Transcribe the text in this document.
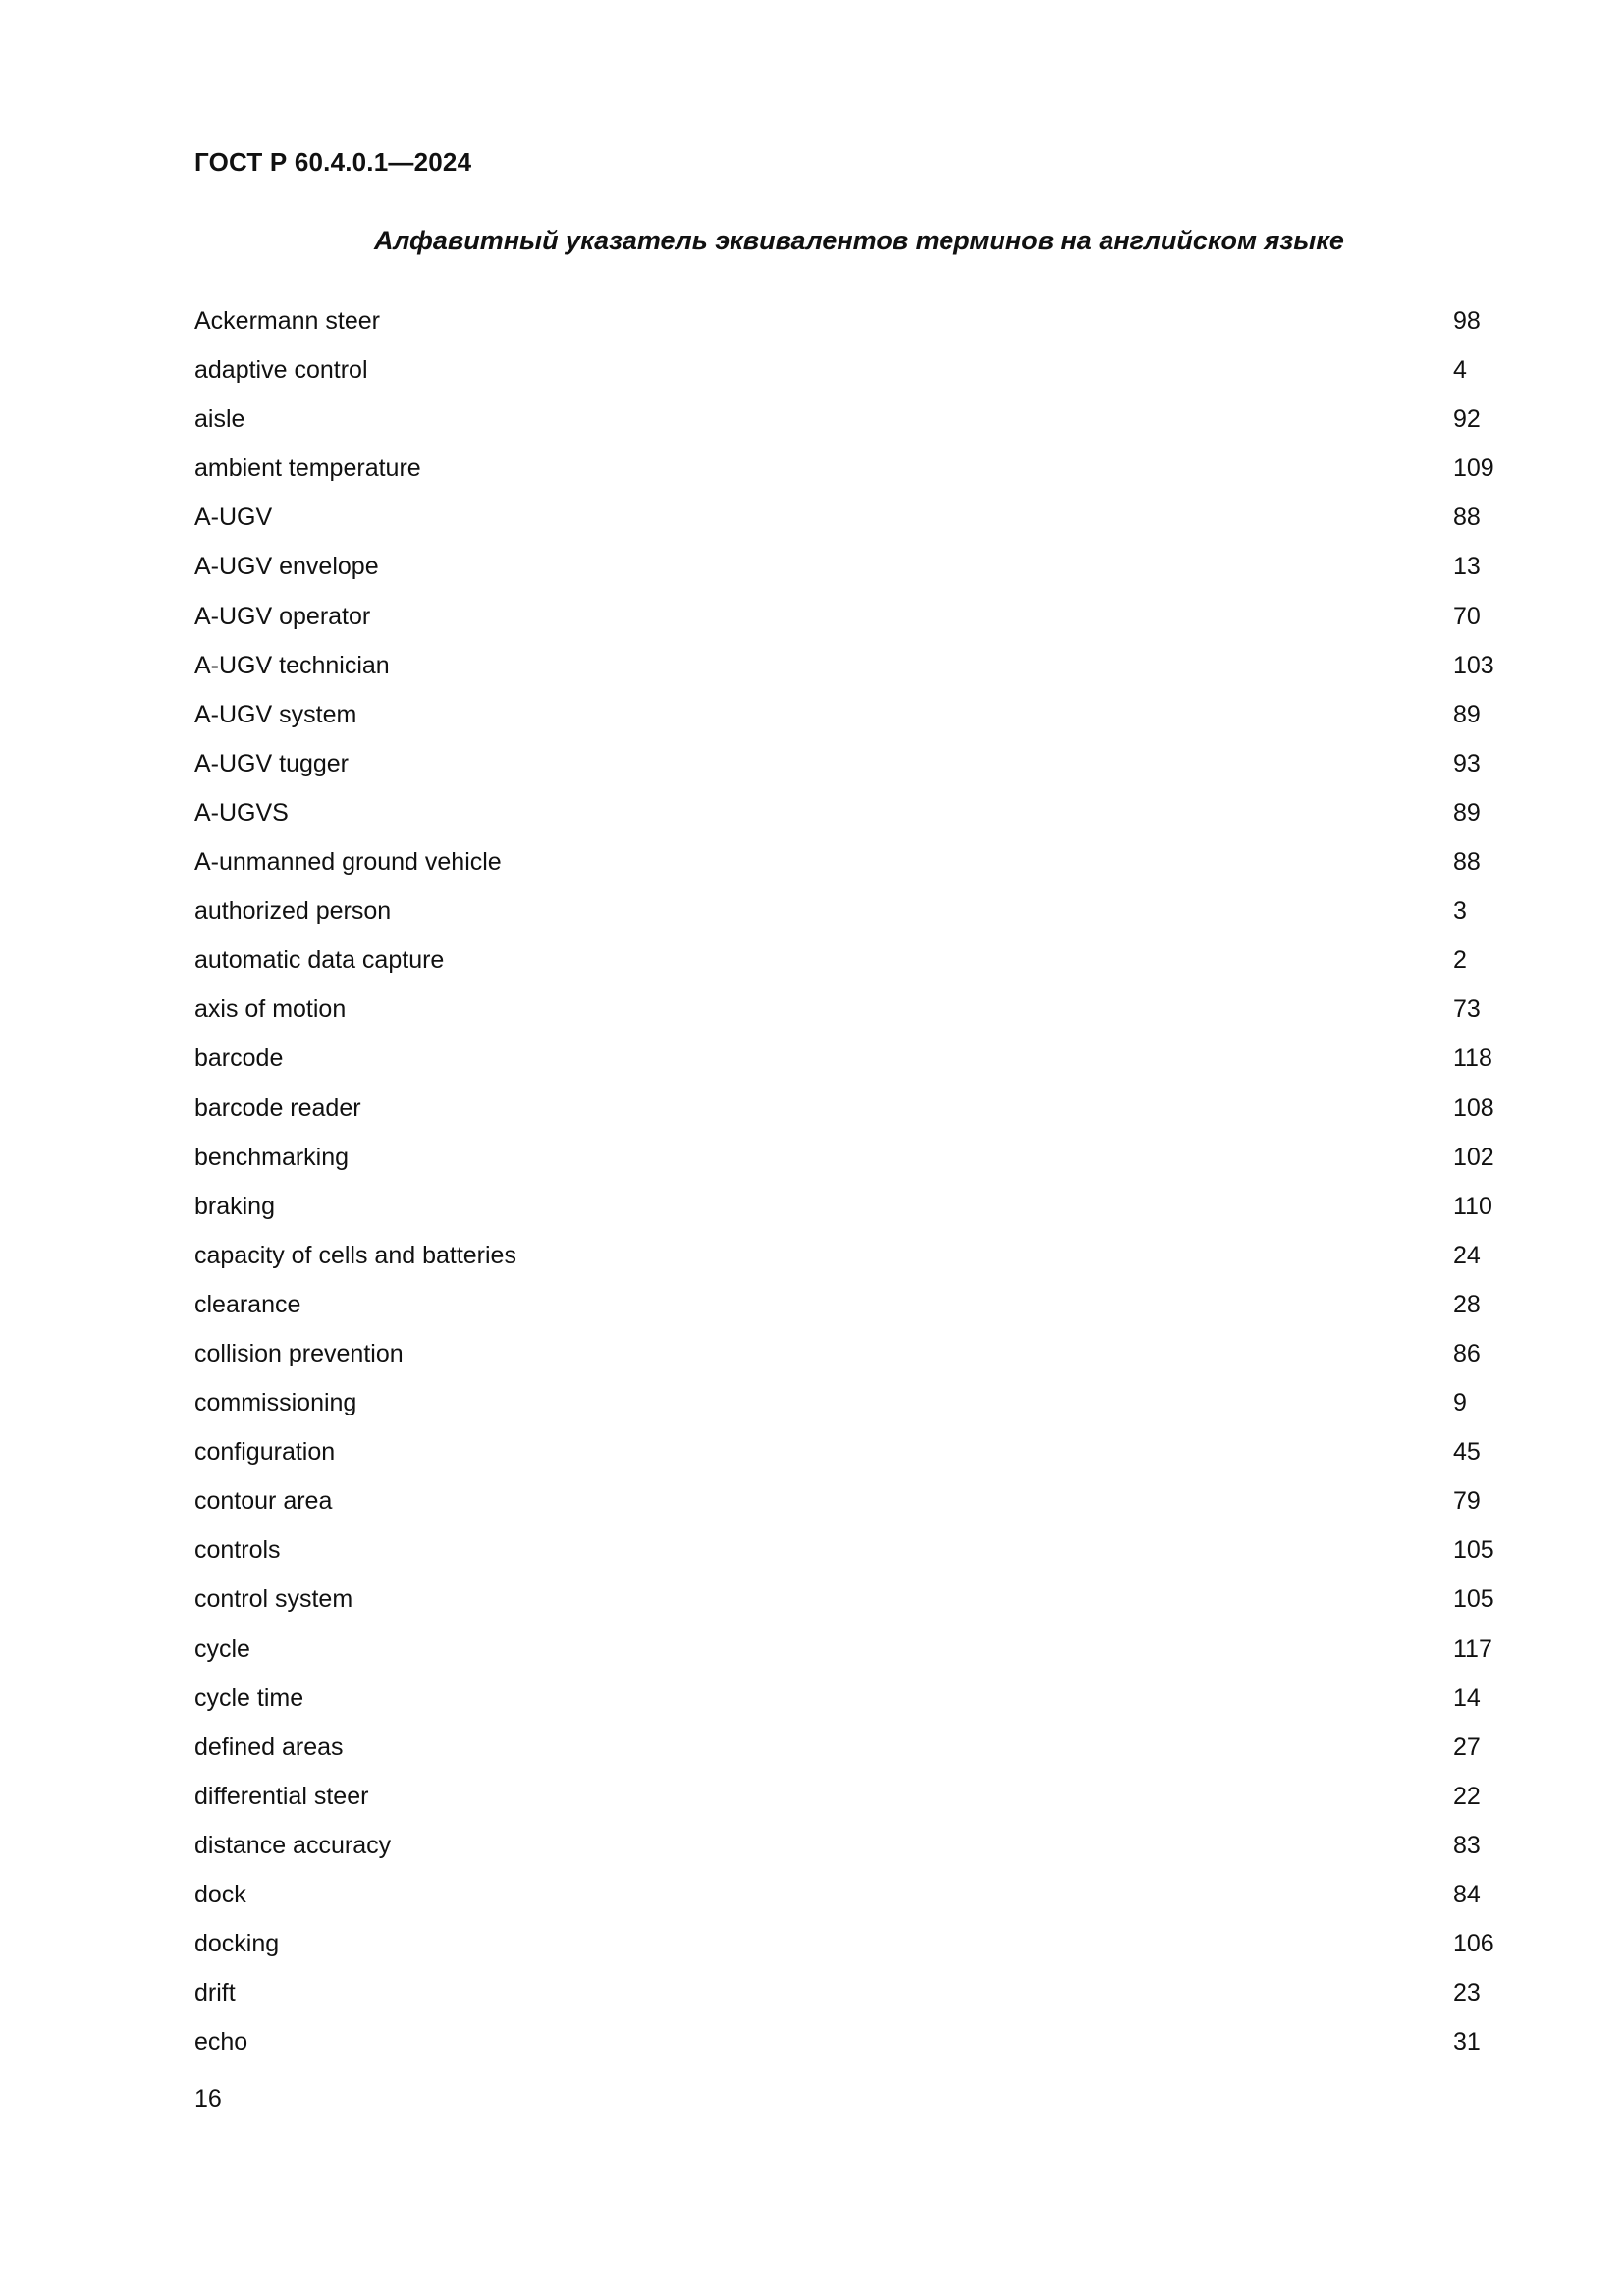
ГОСТ Р 60.4.0.1—2024
Алфавитный указатель эквивалентов терминов на английском языке
Ackermann steer	98
adaptive control	4
aisle	92
ambient temperature	109
A-UGV	88
A-UGV envelope	13
A-UGV operator	70
A-UGV technician	103
A-UGV system	89
A-UGV tugger	93
A-UGVS	89
A-unmanned ground vehicle	88
authorized person	3
automatic data capture	2
axis of motion	73
barcode	118
barcode reader	108
benchmarking	102
braking	110
capacity of cells and batteries	24
clearance	28
collision prevention	86
commissioning	9
configuration	45
contour area	79
controls	105
control system	105
cycle	117
cycle time	14
defined areas	27
differential steer	22
distance accuracy	83
dock	84
docking	106
drift	23
echo	31
16
